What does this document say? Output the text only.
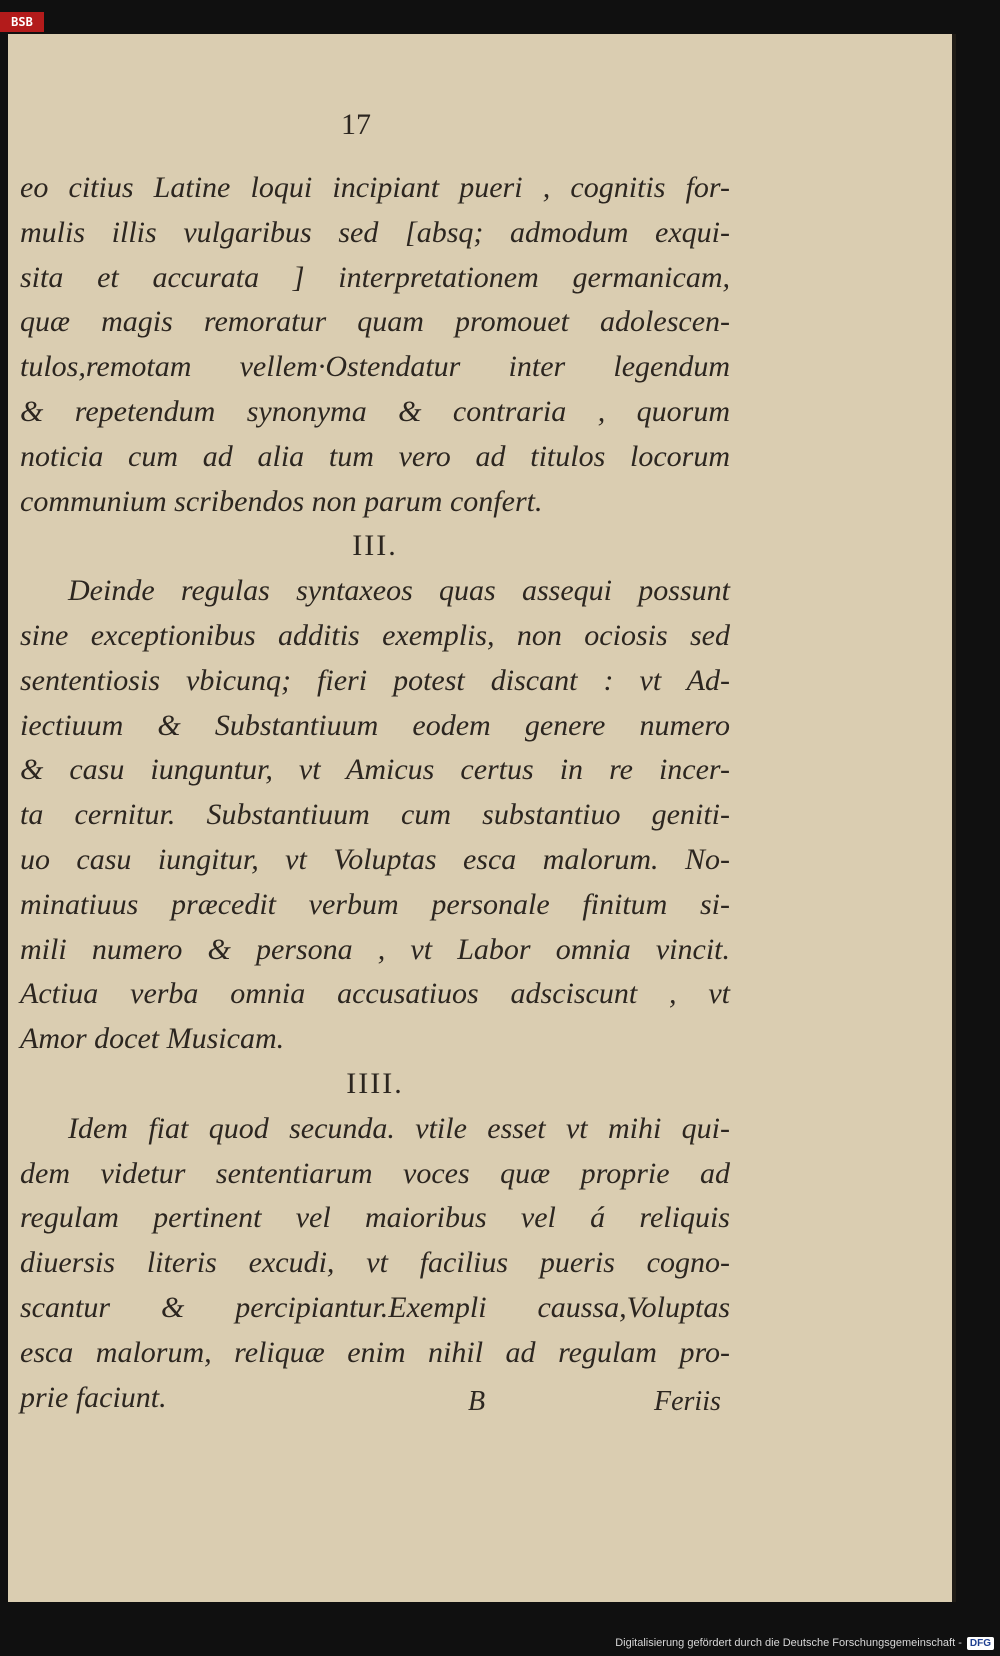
BSB
17
eo citius Latine loqui incipiant pueri , cognitis for-
mulis illis vulgaribus sed [absq; admodum exqui-
sita et accurata ] interpretationem germanicam,
quæ magis remoratur quam promouet adolescen-
tulos,remotam vellem·Ostendatur inter legendum
& repetendum synonyma & contraria , quorum
noticia cum ad alia tum vero ad titulos locorum
communium scribendos non parum confert.
III.
Deinde regulas syntaxeos quas assequi possunt
sine exceptionibus additis exemplis, non ociosis sed
sententiosis vbicunq; fieri potest discant : vt Ad-
iectiuum & Substantiuum eodem genere numero
& casu iunguntur, vt Amicus certus in re incer-
ta cernitur. Substantiuum cum substantiuo geniti-
uo casu iungitur, vt Voluptas esca malorum. No-
minatiuus præcedit verbum personale finitum si-
mili numero & persona , vt Labor omnia vincit.
Actiua verba omnia accusatiuos adsciscunt , vt
Amor docet Musicam.
IIII.
Idem fiat quod secunda. vtile esset vt mihi qui-
dem videtur sententiarum voces quæ proprie ad
regulam pertinent vel maioribus vel á reliquis
diuersis literis excudi, vt facilius pueris cogno-
scantur & percipiantur.Exempli caussa,Voluptas
esca malorum, reliquæ enim nihil ad regulam pro-
prie faciunt.	B	Feriis
Digitalisierung gefördert durch die Deutsche Forschungsgemeinschaft - DFG
